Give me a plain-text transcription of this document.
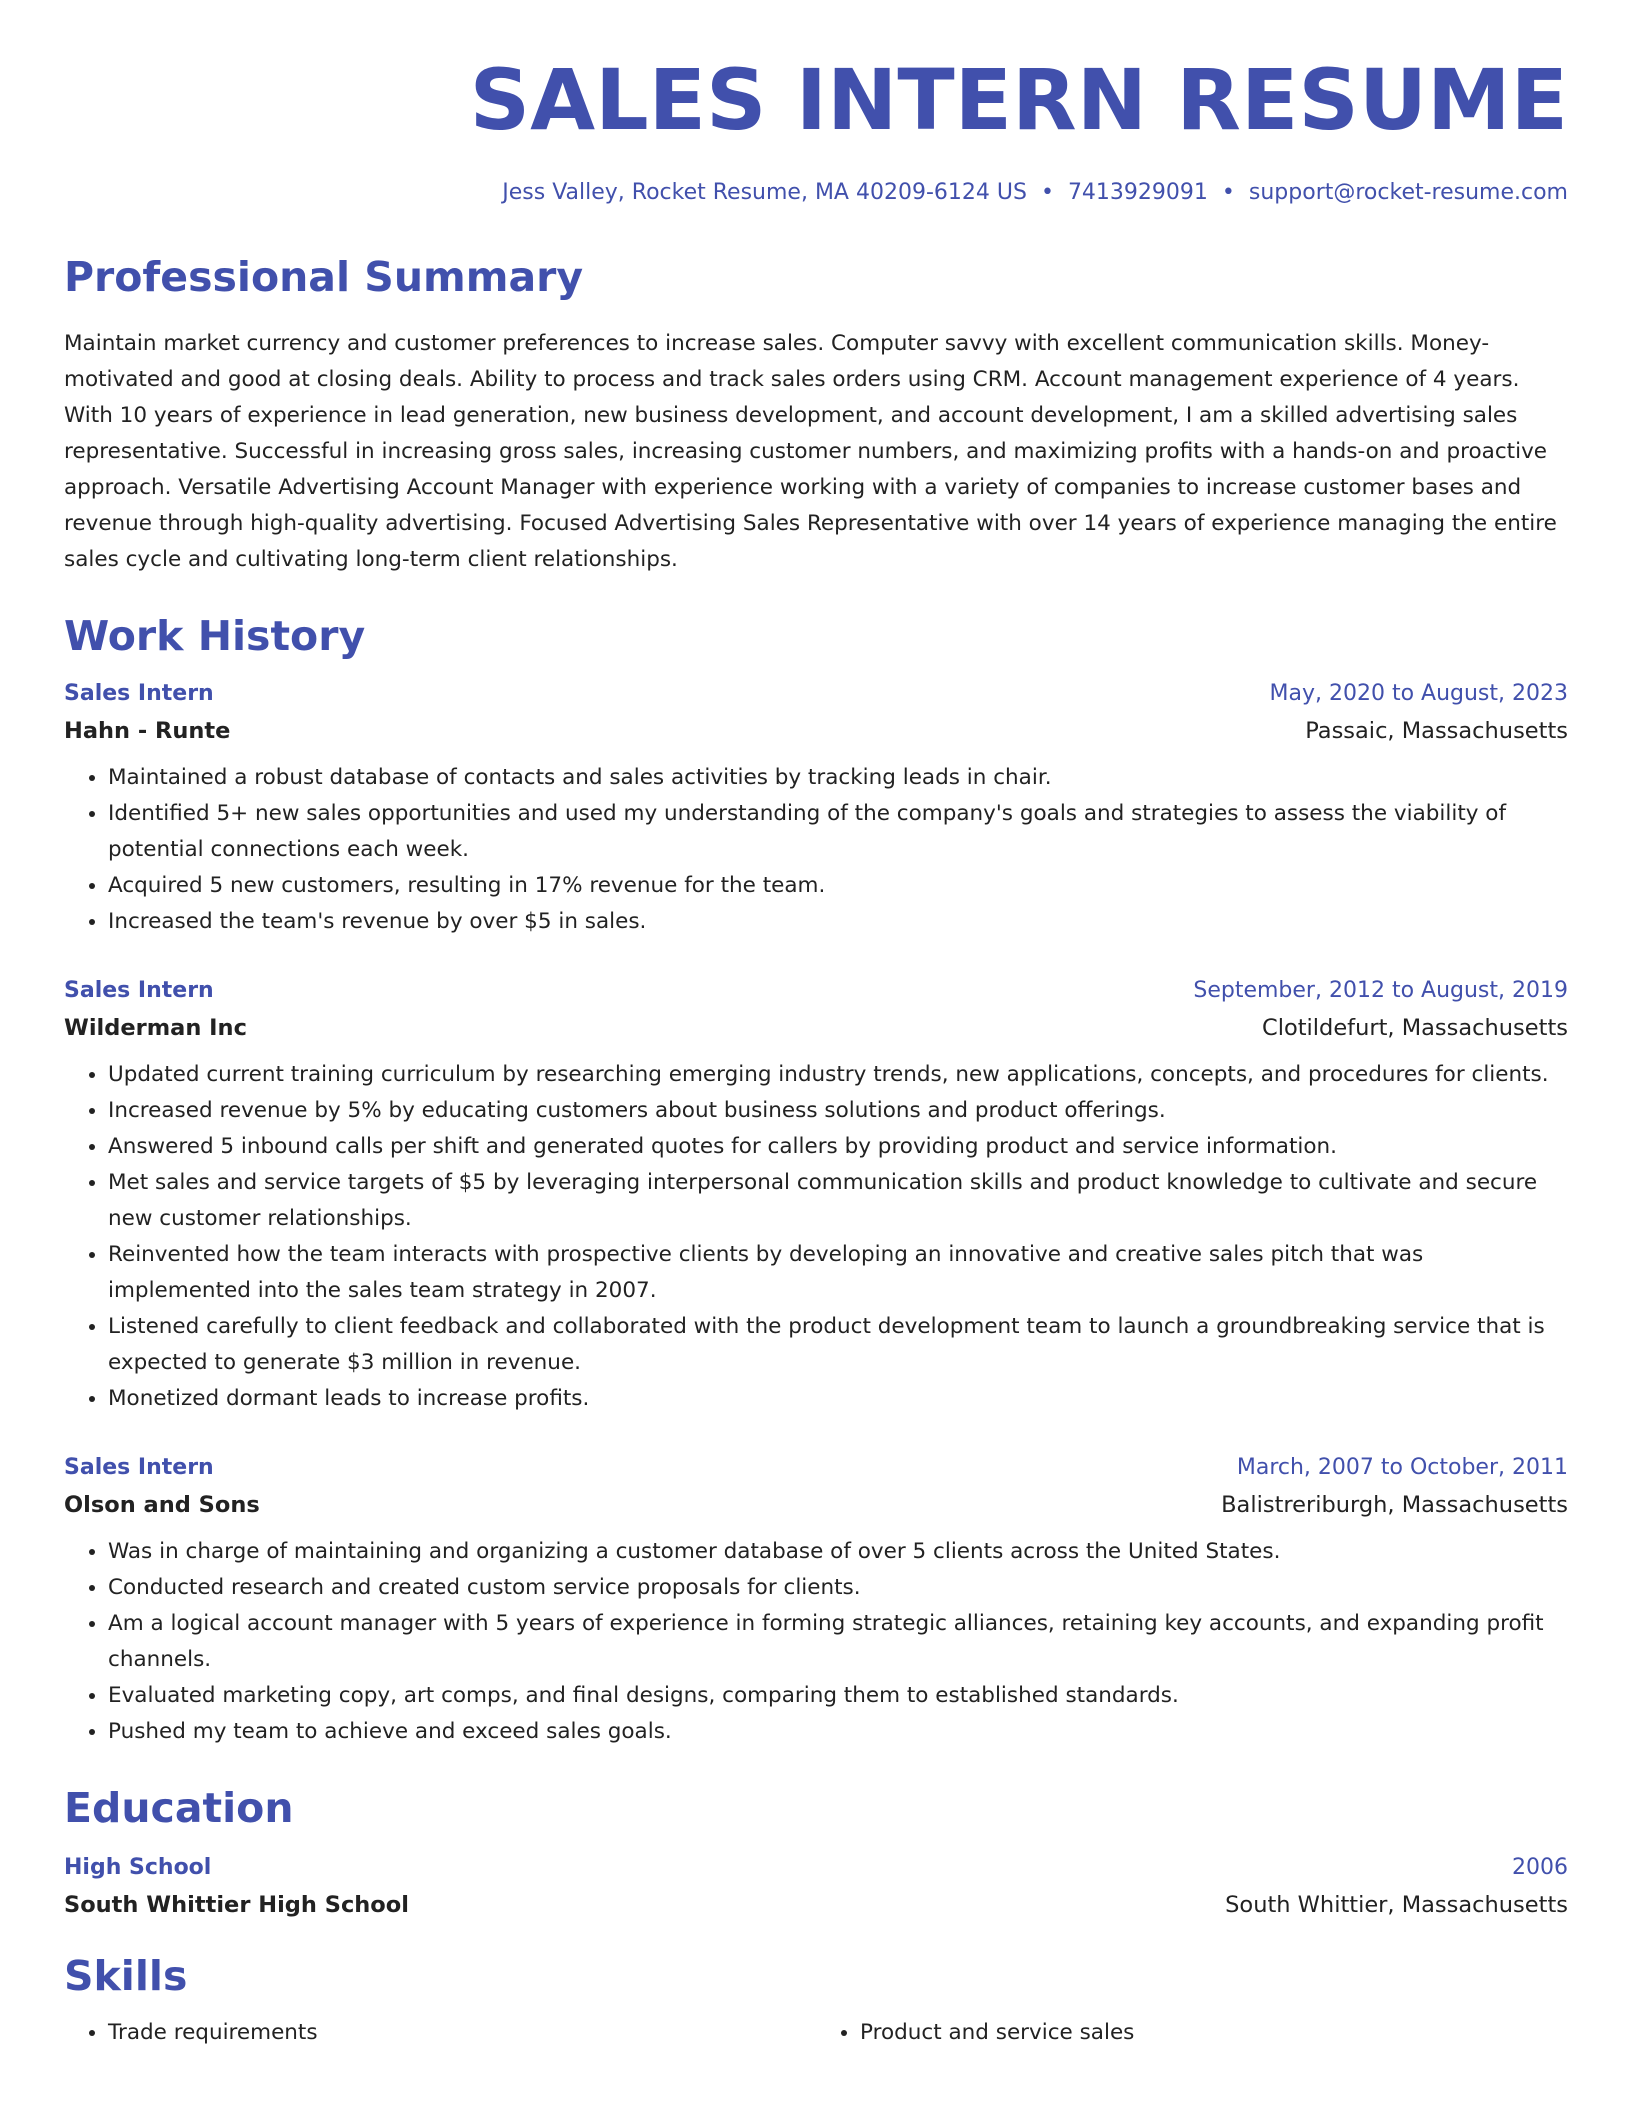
SALES INTERN RESUME
Jess Valley, Rocket Resume, MA 40209-6124 US • 7413929091 • support@rocket-resume.com
Professional Summary
Maintain market currency and customer preferences to increase sales. Computer savvy with excellent communication skills. Money-motivated and good at closing deals. Ability to process and track sales orders using CRM. Account management experience of 4 years. With 10 years of experience in lead generation, new business development, and account development, I am a skilled advertising sales representative. Successful in increasing gross sales, increasing customer numbers, and maximizing profits with a hands-on and proactive approach. Versatile Advertising Account Manager with experience working with a variety of companies to increase customer bases and revenue through high-quality advertising. Focused Advertising Sales Representative with over 14 years of experience managing the entire sales cycle and cultivating long-term client relationships.
Work History
Sales Intern	May, 2020 to August, 2023
Hahn - Runte	Passaic, Massachusetts
• Maintained a robust database of contacts and sales activities by tracking leads in chair.
• Identified 5+ new sales opportunities and used my understanding of the company's goals and strategies to assess the viability of potential connections each week.
• Acquired 5 new customers, resulting in 17% revenue for the team.
• Increased the team's revenue by over $5 in sales.
Sales Intern	September, 2012 to August, 2019
Wilderman Inc	Clotildefurt, Massachusetts
• Updated current training curriculum by researching emerging industry trends, new applications, concepts, and procedures for clients.
• Increased revenue by 5% by educating customers about business solutions and product offerings.
• Answered 5 inbound calls per shift and generated quotes for callers by providing product and service information.
• Met sales and service targets of $5 by leveraging interpersonal communication skills and product knowledge to cultivate and secure new customer relationships.
• Reinvented how the team interacts with prospective clients by developing an innovative and creative sales pitch that was implemented into the sales team strategy in 2007.
• Listened carefully to client feedback and collaborated with the product development team to launch a groundbreaking service that is expected to generate $3 million in revenue.
• Monetized dormant leads to increase profits.
Sales Intern	March, 2007 to October, 2011
Olson and Sons	Balistreriburgh, Massachusetts
• Was in charge of maintaining and organizing a customer database of over 5 clients across the United States.
• Conducted research and created custom service proposals for clients.
• Am a logical account manager with 5 years of experience in forming strategic alliances, retaining key accounts, and expanding profit channels.
• Evaluated marketing copy, art comps, and final designs, comparing them to established standards.
• Pushed my team to achieve and exceed sales goals.
Education
High School	2006
South Whittier High School	South Whittier, Massachusetts
Skills
• Trade requirements
•	Product and service sales
